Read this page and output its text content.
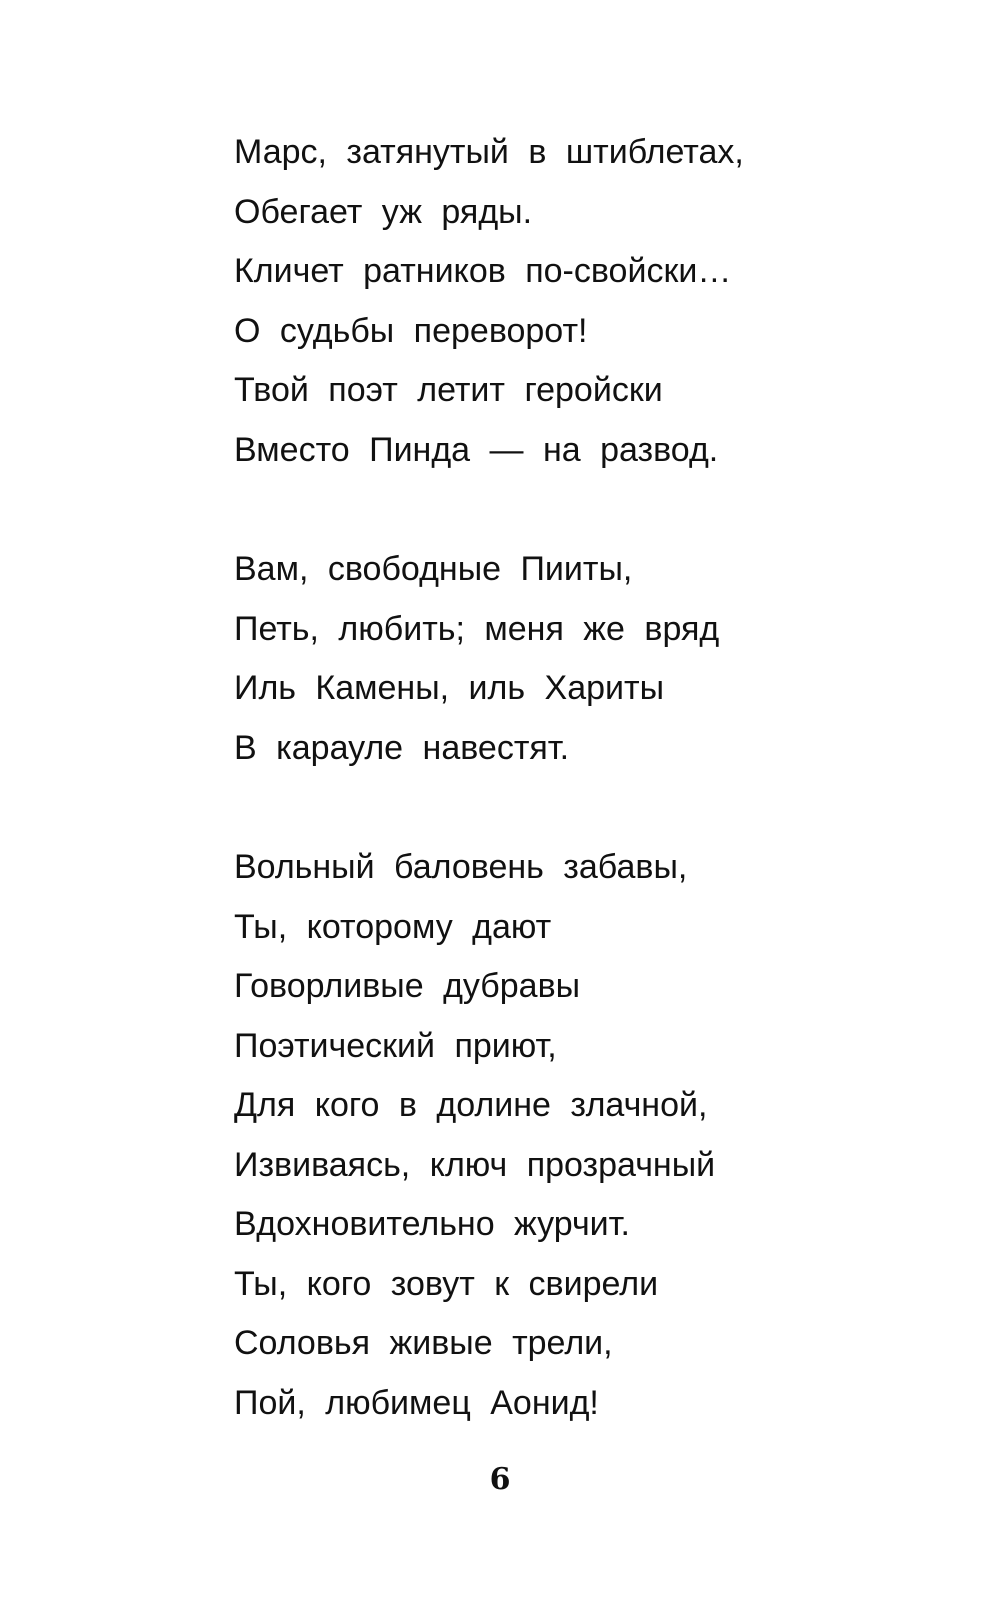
Марс, затянутый в штиблетах,
Обегает уж ряды.
Кличет ратников по-свойски…
О судьбы переворот!
Твой поэт летит геройски
Вместо Пинда — на развод.
Вам, свободные Пииты,
Петь, любить; меня же вряд
Иль Камены, иль Хариты
В карауле навестят.
Вольный баловень забавы,
Ты, которому дают
Говорливые дубравы
Поэтический приют,
Для кого в долине злачной,
Извиваясь, ключ прозрачный
Вдохновительно журчит.
Ты, кого зовут к свирели
Соловья живые трели,
Пой, любимец Аонид!
6
